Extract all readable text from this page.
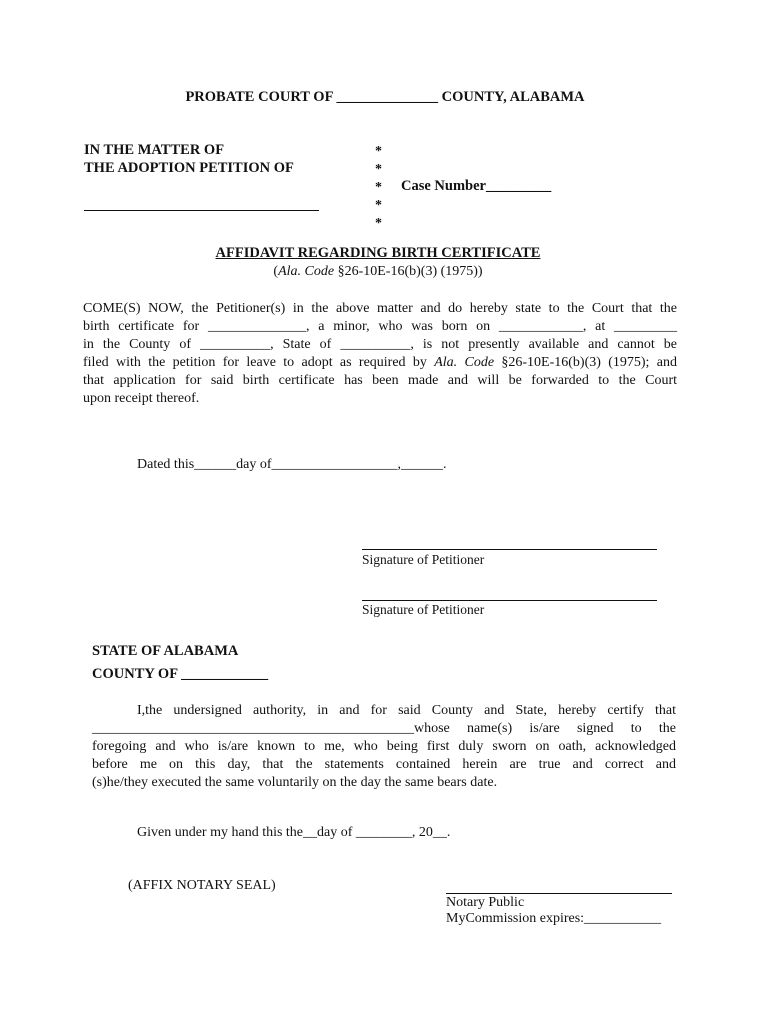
PROBATE COURT OF ______________ COUNTY, ALABAMA
IN THE MATTER OF
THE ADOPTION PETITION OF
*
*
*
*
*
Case Number_________
AFFIDAVIT REGARDING BIRTH CERTIFICATE
(Ala. Code §26-10E-16(b)(3) (1975))
COME(S) NOW, the Petitioner(s) in the above matter and do hereby state to the Court that the
birth certificate for ______________, a minor, who was born on ____________, at _________
in the County of __________, State of __________, is not presently available and cannot be
filed with the petition for leave to adopt as required by Ala. Code §26-10E-16(b)(3) (1975); and
that application for said birth certificate has been made and will be forwarded to the Court
upon receipt thereof.
Dated this______day of__________________,______.
Signature of Petitioner
Signature of Petitioner
STATE OF ALABAMA
COUNTY OF ____________
I,the undersigned authority, in and for said County and State, hereby certify that
______________________________________________whose name(s) is/are signed to the
foregoing and who is/are known to me, who being first duly sworn on oath, acknowledged
before me on this day, that the statements contained herein are true and correct and
(s)he/they executed the same voluntarily on the day the same bears date.
Given under my hand this the__day of ________, 20__.
(AFFIX NOTARY SEAL)
Notary Public
MyCommission expires:___________
